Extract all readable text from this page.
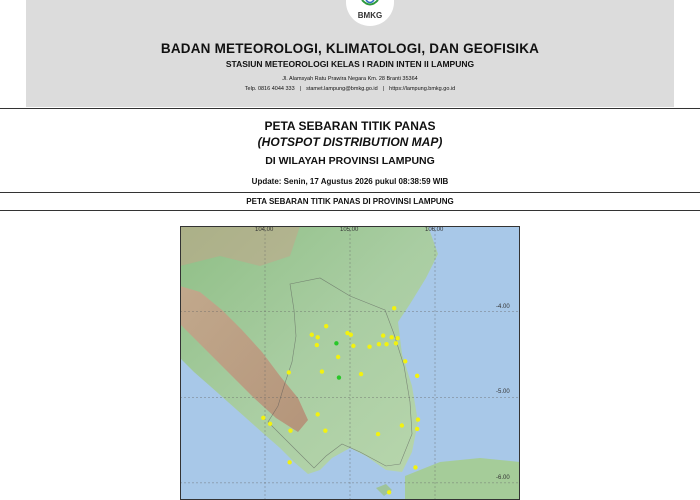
BMKG
BADAN METEOROLOGI, KLIMATOLOGI, DAN GEOFISIKA
STASIUN METEOROLOGI KELAS I RADIN INTEN II LAMPUNG
Jl. Alamsyah Ratu Prawira Negara Km. 28 Branti 35364
Telp. 0816 4044 333 | stamet.lampung@bmkg.go.id | https://lampung.bmkg.go.id
PETA SEBARAN TITIK PANAS
(HOTSPOT DISTRIBUTION MAP)
DI WILAYAH PROVINSI LAMPUNG
Update: Senin, 17 Agustus 2026 pukul 08:38:59 WIB
PETA SEBARAN TITIK PANAS DI PROVINSI LAMPUNG
104.00	105.00	106.00
-4.00
-5.00
-6.00
